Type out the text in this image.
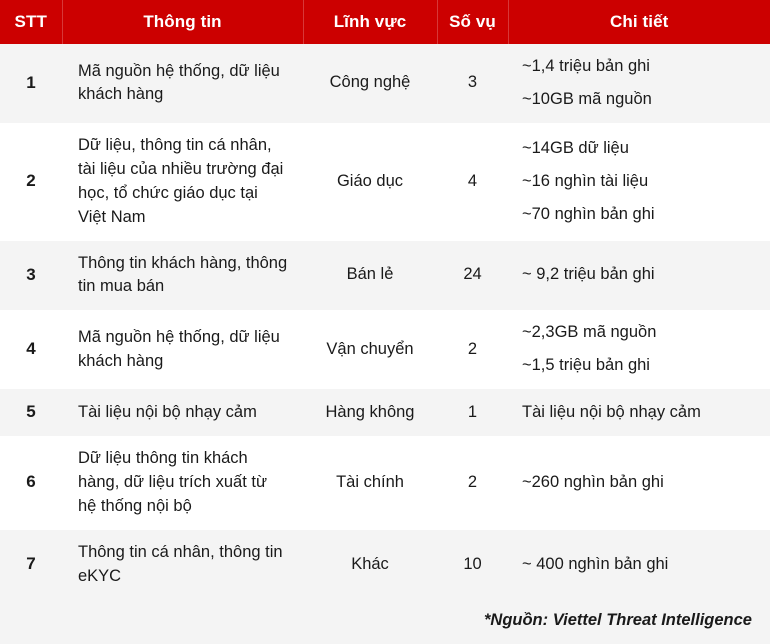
STT	Thông tin	Lĩnh vực	Số vụ	Chi tiết
1	Mã nguồn hệ thống, dữ liệu khách hàng	Công nghệ	3	~1,4 triệu bản ghi
~10GB mã nguồn

2	Dữ liệu, thông tin cá nhân, tài liệu của nhiều trường đại học, tổ chức giáo dục tại Việt Nam	Giáo dục	4	~14GB dữ liệu
~16 nghìn tài liệu
~70 nghìn bản ghi

3	Thông tin khách hàng, thông tin mua bán	Bán lẻ	24	~ 9,2 triệu bản ghi

4	Mã nguồn hệ thống, dữ liệu khách hàng	Vận chuyển	2	~2,3GB mã nguồn
~1,5 triệu bản ghi

5	Tài liệu nội bộ nhạy cảm	Hàng không	1	Tài liệu nội bộ nhạy cảm

6	Dữ liệu thông tin khách hàng, dữ liệu trích xuất từ hệ thống nội bộ	Tài chính	2	~260 nghìn bản ghi

7	Thông tin cá nhân, thông tin eKYC	Khác	10	~ 400 nghìn bản ghi
*Nguồn: Viettel Threat Intelligence
